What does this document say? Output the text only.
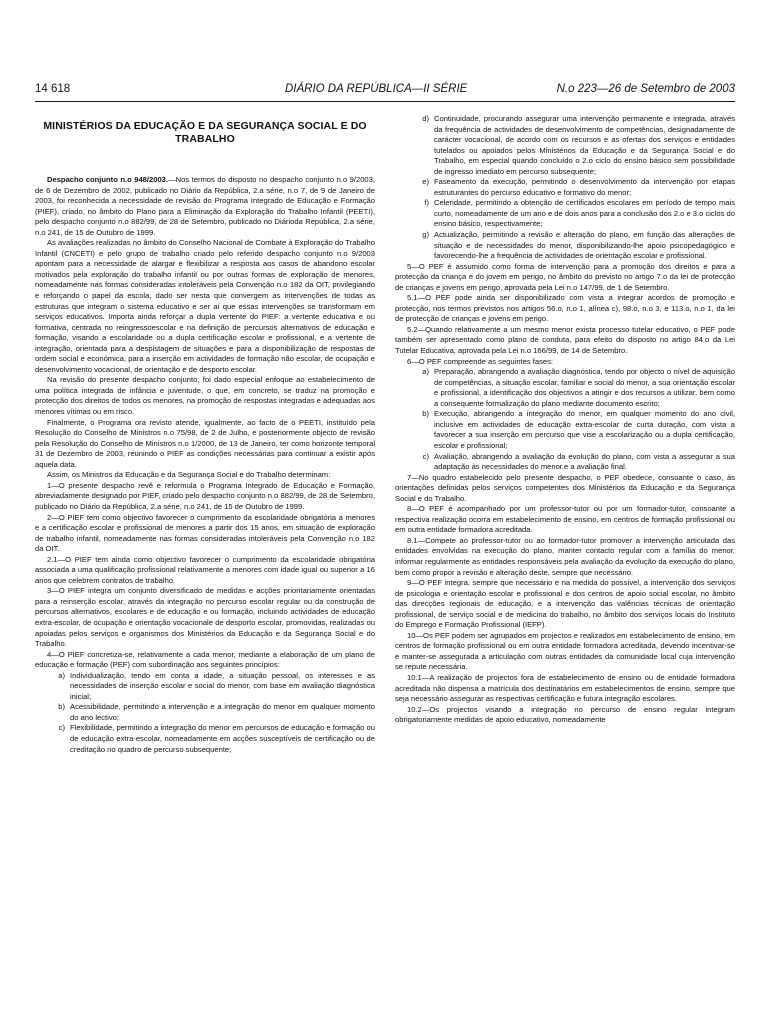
14 618	DIÁRIO DA REPÚBLICA—II SÉRIE	N.o 223—26 de Setembro de 2003
MINISTÉRIOS DA EDUCAÇÃO E DA SEGURANÇA SOCIAL E DO TRABALHO

Despacho conjunto n.o 948/2003.—Nos termos do disposto no despacho conjunto n.o 9/2003, de 6 de Dezembro de 2002, publicado no Diário da República, 2.a série, n.o 7, de 9 de Janeiro de 2003, foi reconhecida a necessidade de revisão do Programa Integrado de Educação e Formação (PIEF), criado, no âmbito do Plano para a Eliminação da Exploração do Trabalho Infantil (PEETI), pelo despacho conjunto n.o 882/99, de 28 de Setembro, publicado no Diárioda República, 2.a série, n.o 241, de 15 de Outubro de 1999.

As avaliações realizadas no âmbito do Conselho Nacional de Combate à Exploração do Trabalho Infantil (CNCETI) e pelo grupo de trabalho criado pelo referido despacho conjunto n.o 9/2003 apontam para a necessidade de alargar e flexibilizar a resposta aos casos de abandono escolar motivados pela exploração do trabalho infantil ou por outras formas de exploração de menores, nomeadamente nas formas consideradas intoleráveis pela Convenção n.o 182 da OIT, privilegiando e reforçando o papel da escola, dado ser nesta que convergem as intervenções de todas as estruturas que integram o sistema educativo e ser aí que essas intervenções se transformam em serviços educativos. Importa ainda reforçar a dupla vertente do PIEF: a vertente educativa e ou formativa, centrada no reingressoescolar e na definição de percursos alternativos de educação e formação, visando a escolaridade ou a dupla certificação escolar e profissional, e a vertente de integração, orientada para a despistagem de situações e para a disponibilização de respostas de ordem social e económica, para a inserção em actividades de formação não escolar, de ocupação e desenvolvimento vocacional, de orientação e de desporto escolar.

Na revisão do presente despacho conjunto, foi dado especial enfoque ao estabelecimento de uma política integrada de infância e juventude, o que, em concreto, se traduz na promoção e protecção dos direitos de todos os menores, na promoção de respostas integradas e adequadas aos menores vítimas ou em risco.

Finalmente, o Programa ora revisto atende, igualmente, ao facto de o PEETI, instituído pela Resolução do Conselho de Ministros n.o 75/98, de 2 de Julho, e posteriormente objecto de revisão pela Resolução do Conselho de Ministros n.o 1/2000, de 13 de Janeiro, ter como horizonte temporal 31 de Dezembro de 2003, reunindo o PIEF as condições necessárias para continuar a existir após aquela data.

Assim, os Ministros da Educação e da Segurança Social e do Trabalho determinam:

1—O presente despacho revê e reformula o Programa Integrado de Educação e Formação, abreviadamente designado por PIEF, criado pelo despacho conjunto n.o 882/99, de 28 de Setembro, publicado no Diário da República, 2.a série, n.o 241, de 15 de Outubro de 1999.

2—O PIEF tem como objectivo favorecer o cumprimento da escolaridade obrigatória a menores e a certificação escolar e profissional de menores a partir dos 15 anos, em situação de exploração de trabalho infantil, nomeadamente nas formas consideradas intoleráveis pela Convenção n.o 182 da OIT.

2.1—O PIEF tem ainda como objectivo favorecer o cumprimento da escolaridade obrigatória associada a uma qualificação profissional relativamente a menores com idade igual ou superior a 16 anos que celebrem contratos de trabalho.

3—O PIEF integra um conjunto diversificado de medidas e acções prioritariamente orientadas para a reinserção escolar, através da integração no percurso escolar regular ou da construção de percursos alternativos, escolares e de educação e ou formação, incluindo actividades de educação extra-escolar, de ocupação e orientação vocacionale de desporto escolar, promovidas, realizadas ou apoiadas pelos serviços e organismos dos Ministérios da Educação e da Segurança Social e do Trabalho.

4—O PIEF concretiza-se, relativamente a cada menor, mediante a elaboração de um plano de educação e formação (PEF) com subordinação aos seguintes princípios:

a) Individualização, tendo em conta a idade, a situação pessoal, os interesses e as necessidades de inserção escolar e social do menor, com base em avaliação diagnóstica inicial;
b) Acessibilidade, permitindo a intervenção e a integração do menor em qualquer momento do ano lectivo;
c) Flexibilidade, permitindo a integração do menor em percursos de educação e formação ou de educação extra-escolar, nomeadamente em acções susceptíveis de certificação ou de creditação no quadro de percurso subsequente;
d) Continuidade, procurando assegurar uma intervenção permanente e integrada, através da frequência de actividades de desenvolvimento de competências, designadamente de carácter vocacional, de acordo com os recursos e as ofertas dos serviços e entidades tutelados ou apoiados pelos Ministérios da Educação e da Segurança Social e do Trabalho, em especial quando concluído o 2.o ciclo do ensino básico sem possibilidade de ingresso imediato em percurso subsequente;
e) Faseamento da execução, permitindo o desenvolvimento da intervenção por etapas estruturantes do percurso educativo e formativo do menor;
f) Celeridade, permitindo a obtenção de certificados escolares em período de tempo mais curto, nomeadamente de um ano e de dois anos para a conclusão dos 2.o e 3.o ciclos do ensino básico, respectivamente;
g) Actualização, permitindo a revisão e alteração do plano, em função das alterações de situação e de necessidades do menor, disponibilizando-lhe apoio psicopedagógico e favorecendo-lhe a frequência de actividades de orientação escolar e profissional.

5—O PEF é assumido como forma de intervenção para a promoção dos direitos e para a protecção da criança e do jovem em perigo, no âmbito do previsto no artigo 7.o da lei de protecção de crianças e jovens em perigo, aprovada pela Lei n.o 147/99, de 1 de Setembro.

5.1—O PEF pode ainda ser disponibilizado com vista a integrar acordos de promoção e protecção, nos termos previstos nos artigos 56.o, n.o 1, alínea c), 98.o, n.o 3, e 113.o, n.o 1, da lei de protecção de crianças e jovens em perigo.

5.2—Quando relativamente a um mesmo menor exista processo tutelar educativo, o PEF pode também ser apresentado como plano de conduta, para efeito do disposto no artigo 84.o da Lei Tutelar Educativa, aprovada pela Lei n.o 166/99, de 14 de Setembro.

6—O PEF compreende as seguintes fases:

a) Preparação, abrangendo a avaliação diagnóstica, tendo por objecto o nível de aquisição de competências, a situação escolar, familiar e social do menor, a sua orientação escolar e profissional, a identificação dos objectivos a atingir e dos recursos a utilizar, bem como a consequente formalização do plano mediante documento escrito;
b) Execução, abrangendo a integração do menor, em qualquer momento do ano civil, inclusive em actividades de educação extra-escolar de curta duração, com vista a favorecer a sua inserção em percurso que vise a escolarização ou a dupla certificação, escolar e profissional;
c) Avaliação, abrangendo a avaliação da evolução do plano, com vista a assegurar a sua adaptação às necessidades do menor,e a avaliação final.

7—No quadro estabelecido pelo presente despacho, o PEF obedece, consoante o caso, às orientações definidas pelos serviços competentes dos Ministérios da Educação e da Segurança Social e do Trabalho.

8—O PEF é acompanhado por um professor-tutor ou por um formador-tutor, consoante a respectiva realização ocorra em estabelecimento de ensino, em centros de formação profissional ou em outra entidade formadora acreditada.

8.1—Compete ao professor-tutor ou ao formador-tutor promover a intervenção articulada das entidades envolvidas na execução do plano, manter contacto regular com a família do menor, informar regularmente as entidades responsáveis pela avaliação da evolução da execução do plano, bem como propor a revisão e alteração deste, sempre que necessário.

9—O PEF integra, sempre que necessário e na medida do possível, a intervenção dos serviços de psicologia e orientação escolar e profissional e dos centros de apoio social escolar, no âmbito das direcções regionais de educação, e a intervenção das valências técnicas de orientação profissional, de serviço social e de medicina do trabalho, no âmbito dos serviços locais do Instituto do Emprego e Formação Profissional (IEFP).

10—Os PEF podem ser agrupados em projectos e realizados em estabelecimento de ensino, em centros de formação profissional ou em outra entidade formadora acreditada, devendo incentivar-se e manter-se assegurada a articulação com outras entidades da comunidade local cuja intervenção se repute necessária.

10.1—A realização de projectos fora de estabelecimento de ensino ou de entidade formadora acreditada não dispensa a matrícula dos destinatários em estabelecimentos de ensino, sempre que seja necessário assegurar as respectivas certificação e futura integração escolares.

10.2—Os projectos visando a integração no percurso de ensino regular integram obrigatoriamente medidas de apoio educativo, nomeadamente
